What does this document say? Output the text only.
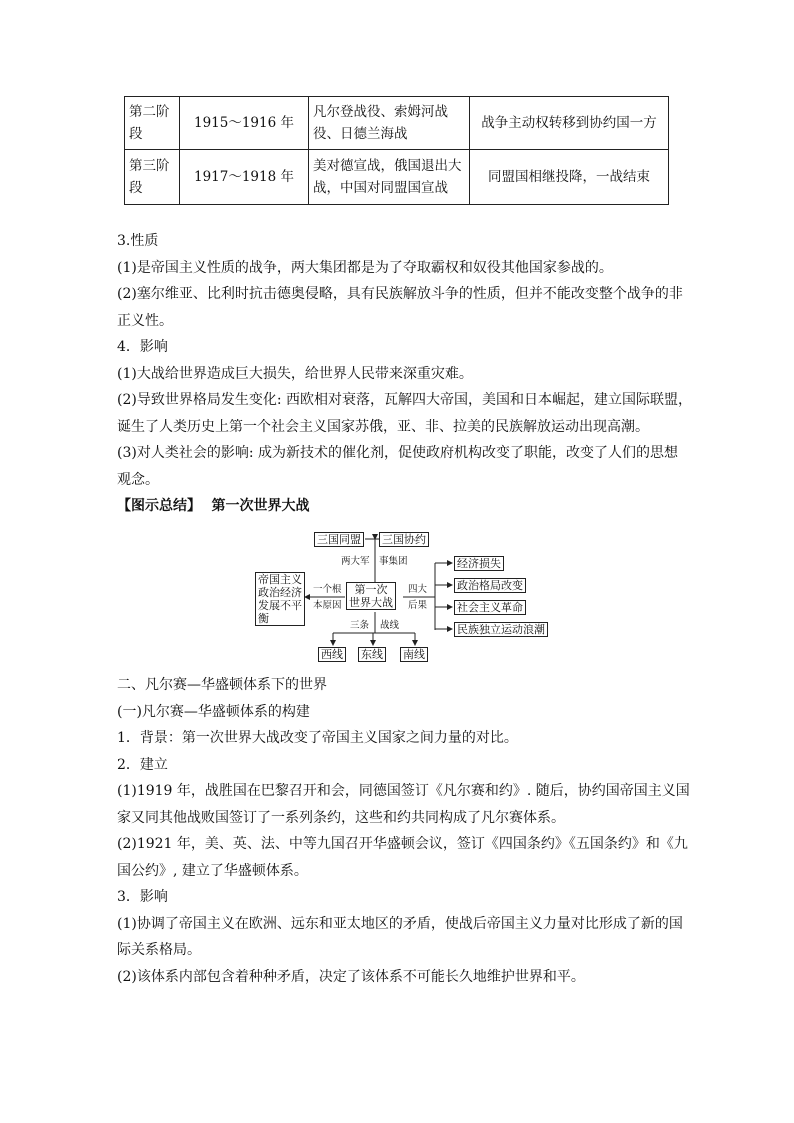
第二阶段	1915～1916 年	凡尔登战役、索姆河战役、日德兰海战	战争主动权转移到协约国一方
第三阶段	1917～1918 年	美对德宣战，俄国退出大战，中国对同盟国宣战	同盟国相继投降，一战结束
3.性质
(1)是帝国主义性质的战争，两大集团都是为了夺取霸权和奴役其他国家参战的。
(2)塞尔维亚、比利时抗击德奥侵略，具有民族解放斗争的性质，但并不能改变整个战争的非
正义性。
4．影响
(1)大战给世界造成巨大损失，给世界人民带来深重灾难。
(2)导致世界格局发生变化: 西欧相对衰落，瓦解四大帝国，美国和日本崛起，建立国际联盟，
诞生了人类历史上第一个社会主义国家苏俄，亚、非、拉美的民族解放运动出现高潮。
(3)对人类社会的影响: 成为新技术的催化剂，促使政府机构改变了职能，改变了人们的思想
观念。
【图示总结】 第一次世界大战
三国同盟 三国协约
两大军 事集团
第一次
世界大战
帝国主义
政治经济
发展不平
衡
一个根
本原因
四大
后果
经济损失
政治格局改变
社会主义革命
民族独立运动浪潮
三条 战线
西线 东线 南线
二、凡尔赛—华盛顿体系下的世界
(一)凡尔赛—华盛顿体系的构建
1．背景：第一次世界大战改变了帝国主义国家之间力量的对比。
2．建立
(1)1919 年，战胜国在巴黎召开和会，同德国签订《凡尔赛和约》. 随后，协约国帝国主义国
家又同其他战败国签订了一系列条约，这些和约共同构成了凡尔赛体系。
(2)1921 年，美、英、法、中等九国召开华盛顿会议，签订《四国条约》《五国条约》和《九
国公约》, 建立了华盛顿体系。
3．影响
(1)协调了帝国主义在欧洲、远东和亚太地区的矛盾，使战后帝国主义力量对比形成了新的国
际关系格局。
(2)该体系内部包含着种种矛盾，决定了该体系不可能长久地维护世界和平。
